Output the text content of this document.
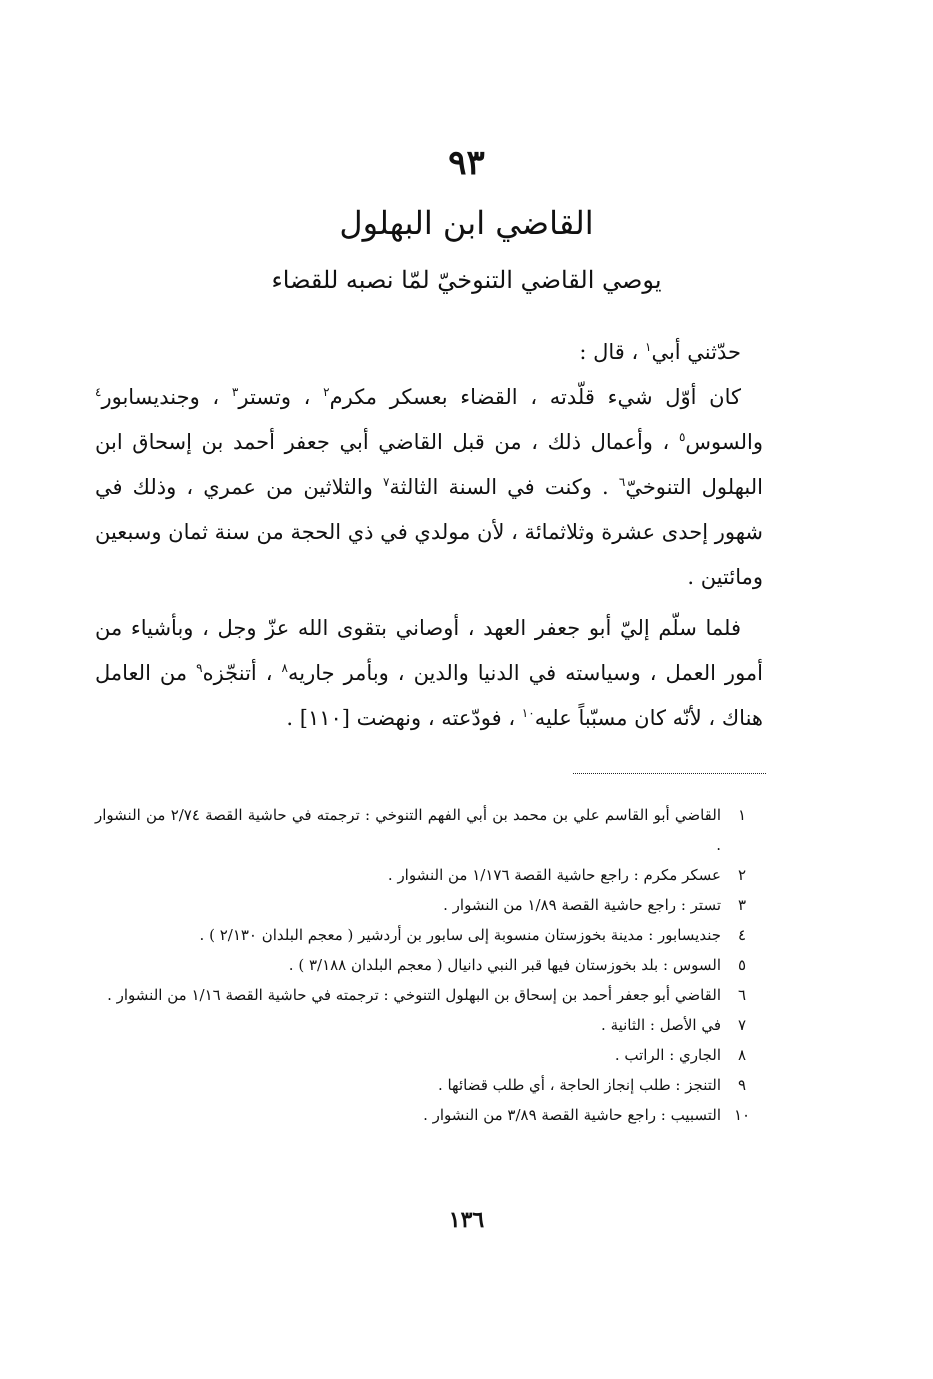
٩٣
القاضي ابن البهلول
يوصي القاضي التنوخيّ لمّا نصبه للقضاء

حدّثني أبي$^١$ ، قال :

كان أوّل شيء قلّدته ، القضاء بعسكر مكرم$^٢$ ، وتستر$^٣$ ، وجنديسابور$^٤$ والسوس$^٥$ ، وأعمال ذلك ، من قبل القاضي أبي جعفر أحمد بن إسحاق ابن البهلول التنوخيّ$^٦$ . وكنت في السنة الثالثة$^٧$ والثلاثين من عمري ، وذلك في شهور إحدى عشرة وثلاثمائة ، لأن مولدي في ذي الحجة من سنة ثمان وسبعين ومائتين .

فلما سلّم إليّ أبو جعفر العهد ، أوصاني بتقوى الله عزّ وجل ، وبأشياء من أمور العمل ، وسياسته في الدنيا والدين ، وبأمر جاريه$^٨$ ، أتنجّزه$^٩$ من العامل هناك ، لأنّه كان مسبّباً عليه$^{١٠}$ ، فودّعته ، ونهضت [١١٠] .

١
القاضي أبو القاسم علي بن محمد بن أبي الفهم التنوخي : ترجمته في حاشية القصة ٢/٧٤ من النشوار .
٢
عسكر مكرم : راجع حاشية القصة ١/١٧٦ من النشوار .
٣
تستر : راجع حاشية القصة ١/٨٩ من النشوار .
٤
جنديسابور : مدينة بخوزستان منسوبة إلى سابور بن أردشير ( معجم البلدان ٢/١٣٠ ) .
٥
السوس : بلد بخوزستان فيها قبر النبي دانيال ( معجم البلدان ٣/١٨٨ ) .
٦
القاضي أبو جعفر أحمد بن إسحاق بن البهلول التنوخي : ترجمته في حاشية القصة ١/١٦ من النشوار .
٧
في الأصل : الثانية .
٨
الجاري : الراتب .
٩
التنجز : طلب إنجاز الحاجة ، أي طلب قضائها .
١٠
التسبيب : راجع حاشية القصة ٣/٨٩ من النشوار .
١٣٦
